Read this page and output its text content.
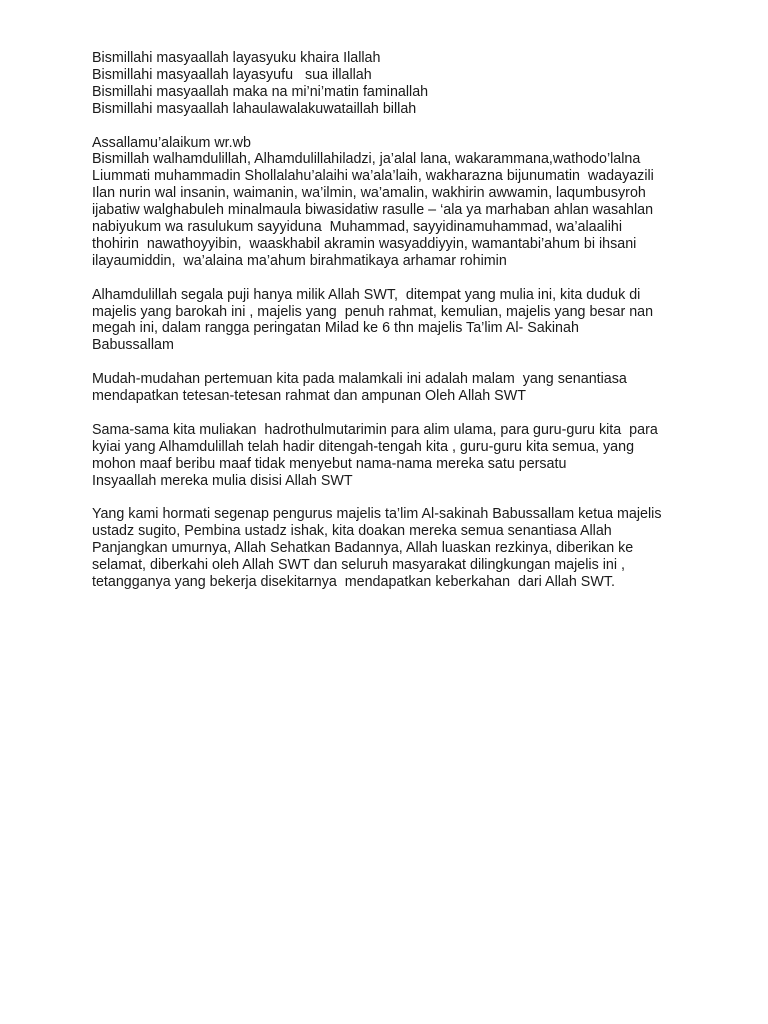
Bismillahi masyaallah layasyuku khaira Ilallah
Bismillahi masyaallah layasyufu   sua illallah
Bismillahi masyaallah maka na mi’ni’matin faminallah
Bismillahi masyaallah lahaulawalakuwataillah billah
Assallamu’alaikum wr.wb
Bismillah walhamdulillah, Alhamdulillahiladzi, ja’alal lana, wakarammana,wathodo’lalna
Liummati muhammadin Shollalahu’alaihi wa’ala’laih, wakharazna bijunumatin  wadayazili
Ilan nurin wal insanin, waimanin, wa’ilmin, wa’amalin, wakhirin awwamin, laqumbusyroh
ijabatiw walghabuleh minalmaula biwasidatiw rasulle – ‘ala ya marhaban ahlan wasahlan
nabiyukum wa rasulukum sayyiduna  Muhammad, sayyidinamuhammad, wa’alaalihi
thohirin  nawathoyyibin,  waaskhabil akramin wasyaddiyyin, wamantabi’ahum bi ihsani
ilayaumiddin,  wa’alaina ma’ahum birahmatikaya arhamar rohimin
Alhamdulillah segala puji hanya milik Allah SWT,  ditempat yang mulia ini, kita duduk di
majelis yang barokah ini , majelis yang  penuh rahmat, kemulian, majelis yang besar nan
megah ini, dalam rangga peringatan Milad ke 6 thn majelis Ta’lim Al- Sakinah
Babussallam
Mudah-mudahan pertemuan kita pada malamkali ini adalah malam  yang senantiasa
mendapatkan tetesan-tetesan rahmat dan ampunan Oleh Allah SWT
Sama-sama kita muliakan  hadrothulmutarimin para alim ulama, para guru-guru kita  para
kyiai yang Alhamdulillah telah hadir ditengah-tengah kita , guru-guru kita semua, yang
mohon maaf beribu maaf tidak menyebut nama-nama mereka satu persatu
Insyaallah mereka mulia disisi Allah SWT
Yang kami hormati segenap pengurus majelis ta’lim Al-sakinah Babussallam ketua majelis
ustadz sugito, Pembina ustadz ishak, kita doakan mereka semua senantiasa Allah
Panjangkan umurnya, Allah Sehatkan Badannya, Allah luaskan rezkinya, diberikan ke
selamat, diberkahi oleh Allah SWT dan seluruh masyarakat dilingkungan majelis ini ,
tetangganya yang bekerja disekitarnya  mendapatkan keberkahan  dari Allah SWT.
